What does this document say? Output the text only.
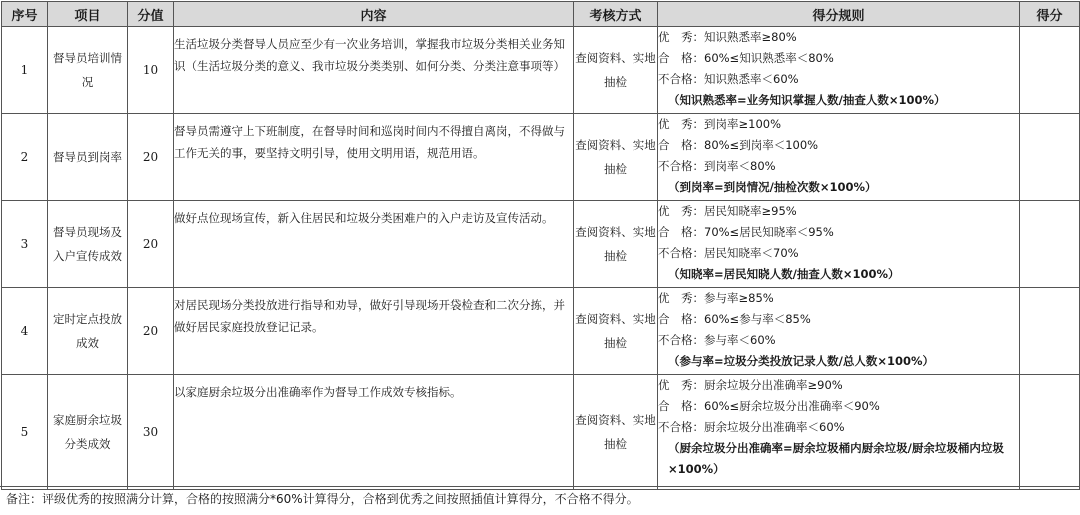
序号	项目	分值	内容	考核方式	得分规则	得分
1	督导员培训情况	10	生活垃圾分类督导人员应至少有一次业务培训，掌握我市垃圾分类相关业务知识（生活垃圾分类的意义、我市垃圾分类类别、如何分类、分类注意事项等）	查阅资料、实地抽检	优　秀：知识熟悉率≥80%
合　格：60%≤知识熟悉率＜80%
不合格：知识熟悉率＜60%
（知识熟悉率=业务知识掌握人数/抽查人数×100%）	

2	督导员到岗率	20	督导员需遵守上下班制度，在督导时间和巡岗时间内不得擅自离岗，不得做与工作无关的事，要坚持文明引导，使用文明用语，规范用语。	查阅资料、实地抽检	优　秀：到岗率≥100%
合　格：80%≤到岗率＜100%
不合格：到岗率＜80%
（到岗率=到岗情况/抽检次数×100%）	

3	督导员现场及入户宣传成效	20	做好点位现场宣传，新入住居民和垃圾分类困难户的入户走访及宣传活动。	查阅资料、实地抽检	优　秀：居民知晓率≥95%
合　格：70%≤居民知晓率＜95%
不合格：居民知晓率＜70%
（知晓率=居民知晓人数/抽查人数×100%）	

4	定时定点投放成效	20	对居民现场分类投放进行指导和劝导，做好引导现场开袋检查和二次分拣，并做好居民家庭投放登记记录。	查阅资料、实地抽检	优　秀：参与率≥85%
合　格：60%≤参与率＜85%
不合格：参与率＜60%
（参与率=垃圾分类投放记录人数/总人数×100%）	

5	家庭厨余垃圾分类成效	30	以家庭厨余垃圾分出准确率作为督导工作成效专核指标。	查阅资料、实地抽检	优　秀：厨余垃圾分出准确率≥90%
合　格：60%≤厨余垃圾分出准确率＜90%
不合格：厨余垃圾分出准确率＜60%
（厨余垃圾分出准确率=厨余垃圾桶内厨余垃圾/厨余垃圾桶内垃圾×100%）	

备注：评级优秀的按照满分计算，合格的按照满分*60%计算得分，合格到优秀之间按照插值计算得分，不合格不得分。
